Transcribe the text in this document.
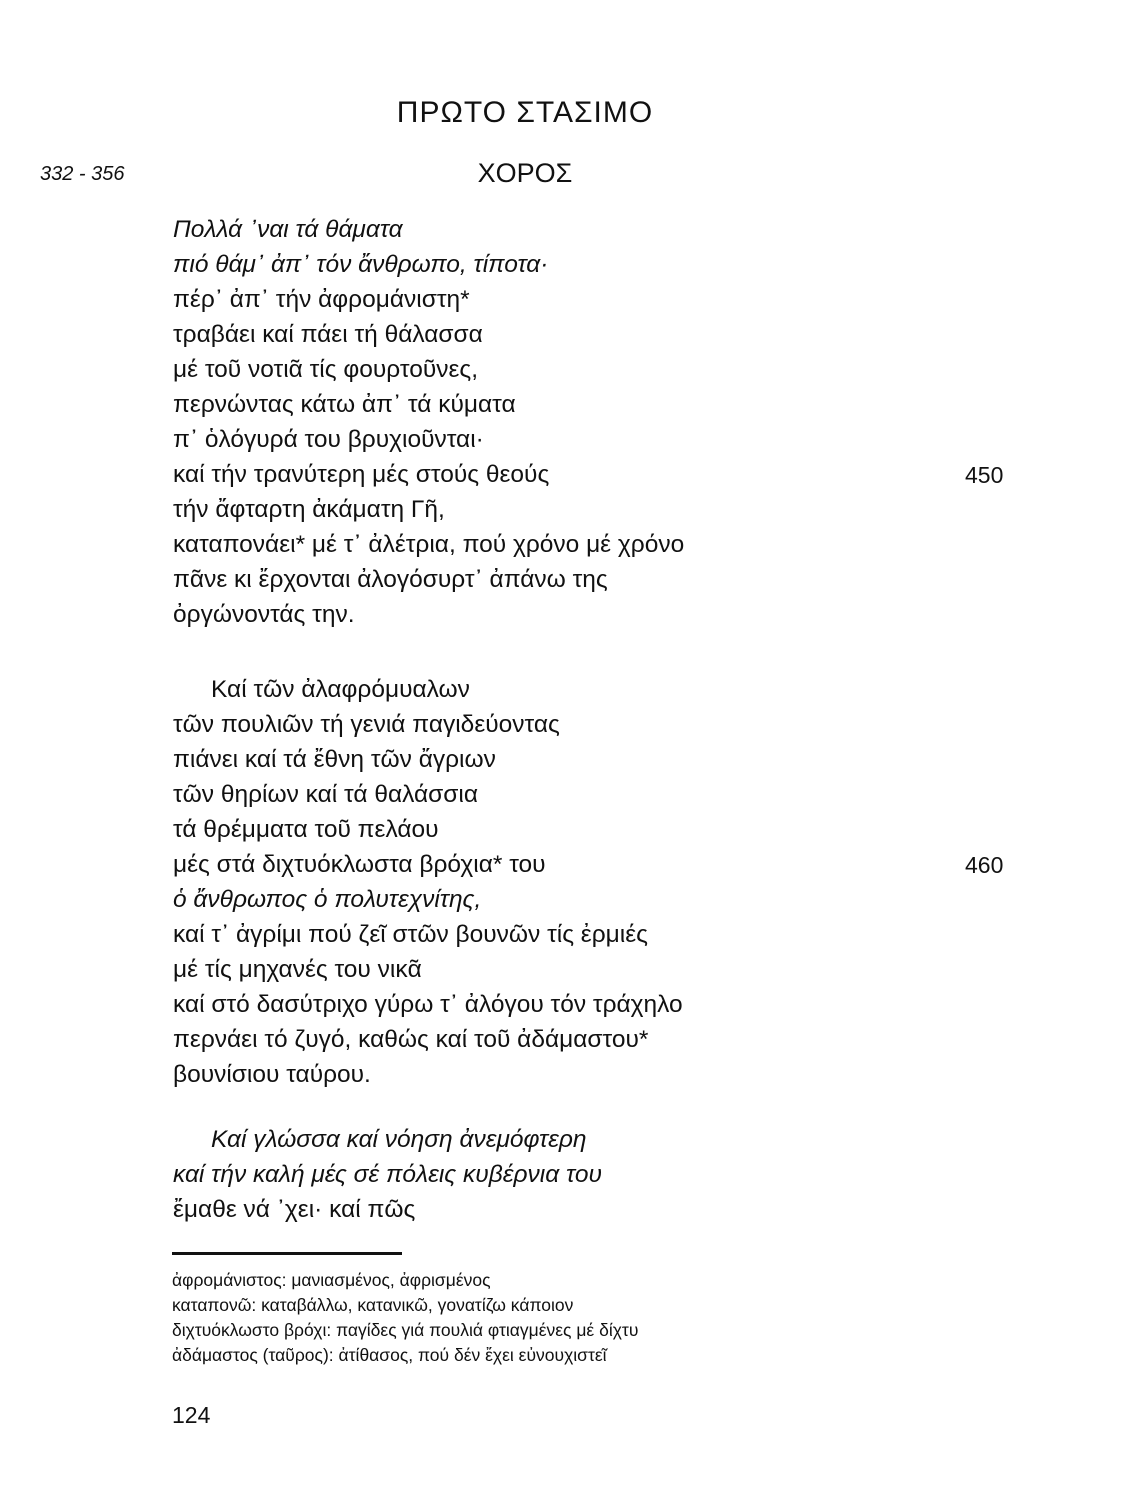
ΠΡΩΤΟ ΣΤΑΣΙΜΟ
332 - 356	ΧΟΡΟΣ
Πολλά ᾽ναι τά θάματα
πιό θάμ᾽ ἀπ᾽ τόν ἄνθρωπο, τίποτα·
πέρ᾽ ἀπ᾽ τήν ἀφρομάνιστη*
τραβάει καί πάει τή θάλασσα
μέ τοῦ νοτιᾶ τίς φουρτοῦνες,
περνώντας κάτω ἀπ᾽ τά κύματα
π᾽ ὁλόγυρά του βρυχιοῦνται·
καί τήν τρανύτερη μές στούς θεούς
τήν ἄφταρτη ἀκάματη Γῆ,
καταπονάει* μέ τ᾽ ἀλέτρια, πού χρόνο μέ χρόνο
πᾶνε κι ἔρχονται ἀλογόσυρτ᾽ ἀπάνω της
ὀργώνοντάς την.
Καί τῶν ἀλαφρόμυαλων
τῶν πουλιῶν τή γενιά παγιδεύοντας
πιάνει καί τά ἔθνη τῶν ἄγριων
τῶν θηρίων καί τά θαλάσσια
τά θρέμματα τοῦ πελάου
μές στά διχτυόκλωστα βρόχια* του
ὁ ἄνθρωπος ὁ πολυτεχνίτης,
καί τ᾽ ἀγρίμι πού ζεῖ στῶν βουνῶν τίς ἐρμιές
μέ τίς μηχανές του νικᾶ
καί στό δασύτριχο γύρω τ᾽ ἀλόγου τόν τράχηλο
περνάει τό ζυγό, καθώς καί τοῦ ἀδάμαστου*
βουνίσιου ταύρου.
Καί γλώσσα καί νόηση ἀνεμόφτερη
καί τήν καλή μές σέ πόλεις κυβέρνια του
ἔμαθε νά ᾽χει· καί πῶς
450
460
ἀφρομάνιστος: μανιασμένος, ἀφρισμένος
καταπονῶ: καταβάλλω, κατανικῶ, γονατίζω κάποιον
διχτυόκλωστο βρόχι: παγίδες γιά πουλιά φτιαγμένες μέ δίχτυ
ἀδάμαστος (ταῦρος): ἀτίθασος, πού δέν ἔχει εὐνουχιστεῖ
124
